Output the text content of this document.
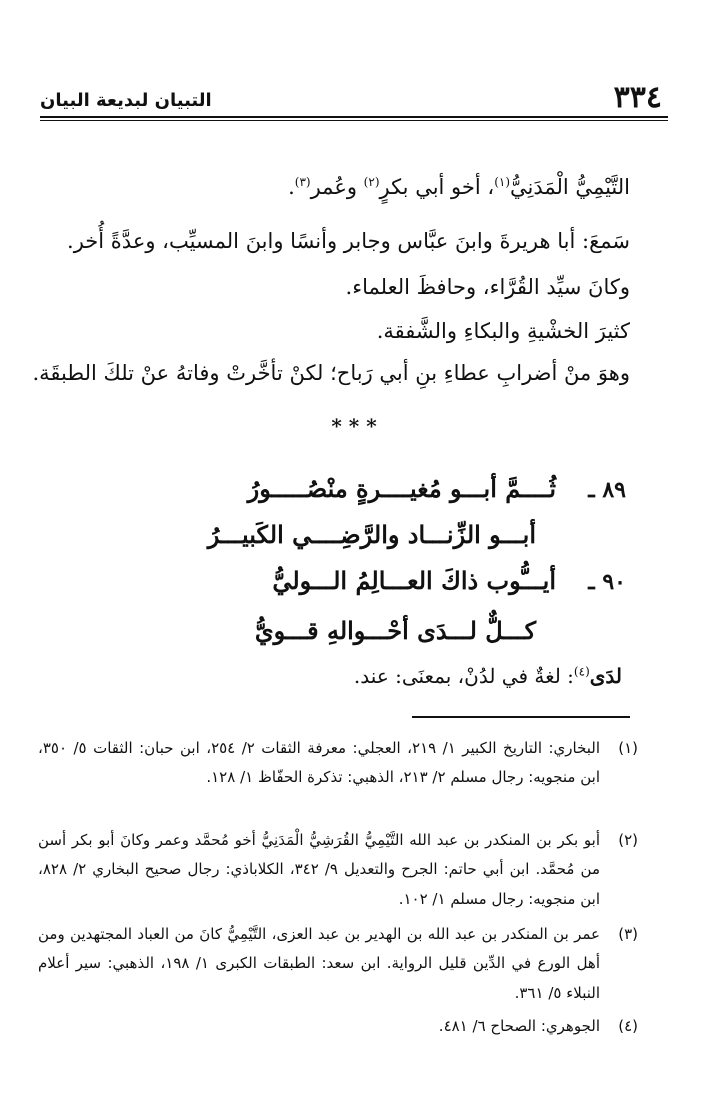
٣٣٤
التبيان لبديعة البيان
التَّيْمِيُّ الْمَدَنِيُّ$^{(١)}$، أخو أبي بكرٍ$^{(٢)}$ وعُمر$^{(٣)}$.
سَمعَ: أبا هريرةَ وابنَ عبَّاس وجابر وأنسًا وابنَ المسيِّب، وعدَّةً أُخر.
وكانَ سيِّد القُرَّاء، وحافظَ العلماء.
كثيرَ الخشْيةِ والبكاءِ والشَّفقة.
وهوَ منْ أضرابِ عطاءِ بنِ أبي رَباح؛ لكنْ تأخَّرتْ وفاتهُ عنْ تلكَ الطبقَة.
* * *
٨٩ ـ
ثُــــمَّ أبـــو مُغيــــرةٍ منْصُـــــورُ
أبـــو الزِّنـــاد والرَّضِــــي الكَبيـــرُ
٩٠ ـ
أيـــُّوب ذاكَ العـــالِمُ الـــوليُّ
كـــلٌّ لـــدَى أحْـــوالهِ قـــويُّ
لدَى$^{(٤)}$: لغةٌ في لدُنْ، بمعنَى: عند.
(١)
البخاري: التاريخ الكبير ١/ ٢١٩، العجلي: معرفة الثقات ٢/ ٢٥٤، ابن حبان: الثقات ٥/ ٣٥٠، ابن منجويه: رجال مسلم ٢/ ٢١٣، الذهبي: تذكرة الحفّاظ ١/ ١٢٨.
(٢)
أبو بكر بن المنكدر بن عبد الله التَّيْمِيُّ القُرَشِيُّ الْمَدَنِيُّ أخو مُحمَّد وعمر وكانَ أبو بكر أسن من مُحمَّد. ابن أبي حاتم: الجرح والتعديل ٩/ ٣٤٢، الكلاباذي: رجال صحيح البخاري ٢/ ٨٢٨، ابن منجويه: رجال مسلم ١/ ١٠٢.
(٣)
عمر بن المنكدر بن عبد الله بن الهدير بن عبد العزى، التَّيْمِيُّ كانَ من العباد المجتهدين ومن أهل الورع في الدِّين قليل الرواية. ابن سعد: الطبقات الكبرى ١/ ١٩٨، الذهبي: سير أعلام النبلاء ٥/ ٣٦١.
(٤)
الجوهري: الصحاح ٦/ ٤٨١.
